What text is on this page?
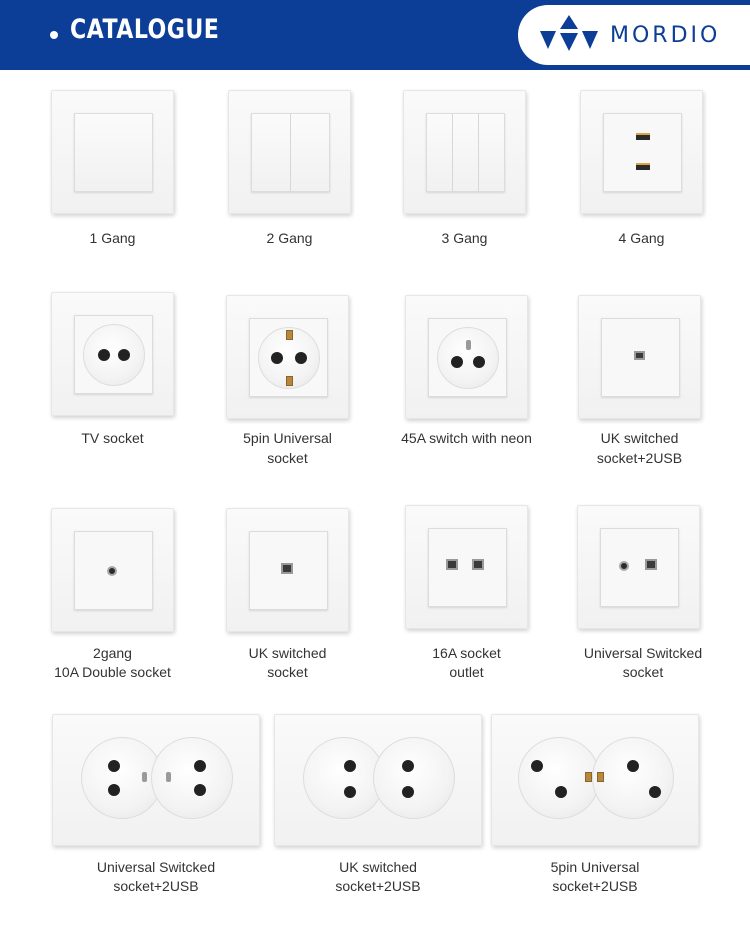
CATALOGUE	MORDIO
1 Gang	2 Gang	3 Gang	4 Gang
TV socket	5pin Universal
socket
45A switch with neon	UK switched
socket+2USB
2gang
10A Double socket
UK switched
socket
16A socket
outlet
Universal Switcked
socket
Universal Switcked
socket+2USB
UK switched
socket+2USB
5pin Universal
socket+2USB
